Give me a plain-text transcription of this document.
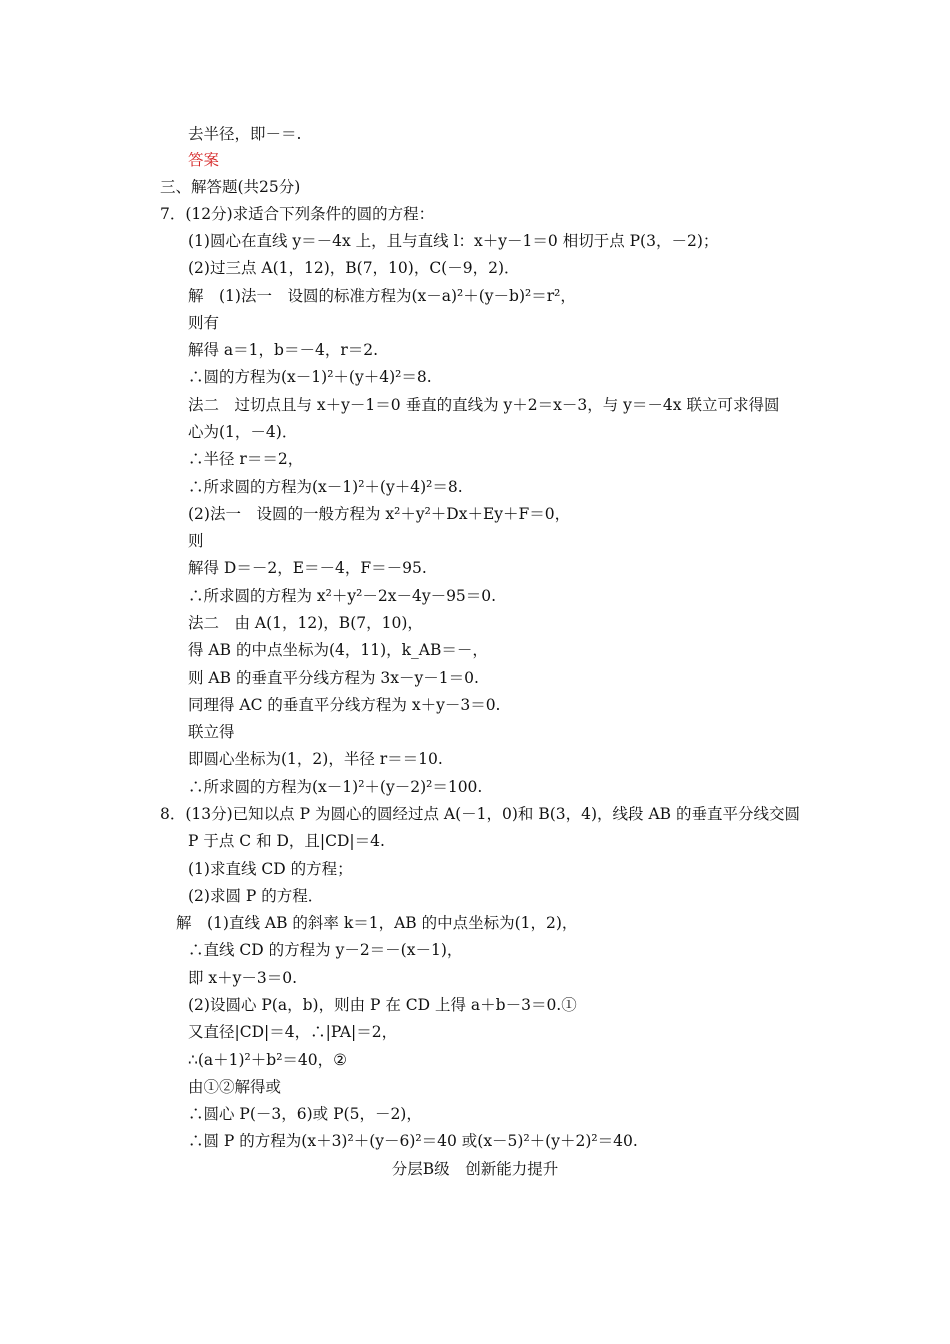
去半径，即－＝.
答案
三、解答题(共25分)
7．(12分)求适合下列条件的圆的方程：
(1)圆心在直线 y＝－4x 上，且与直线 l：x＋y－1＝0 相切于点 P(3，－2)；
(2)过三点 A(1，12)，B(7，10)，C(－9，2)．
解　(1)法一　设圆的标准方程为(x－a)²＋(y－b)²＝r²，
则有
解得 a＝1，b＝－4，r＝2.
∴圆的方程为(x－1)²＋(y＋4)²＝8.
法二　过切点且与 x＋y－1＝0 垂直的直线为 y＋2＝x－3，与 y＝－4x 联立可求得圆
心为(1，－4)．
∴半径 r＝＝2，
∴所求圆的方程为(x－1)²＋(y＋4)²＝8.
(2)法一　设圆的一般方程为 x²＋y²＋Dx＋Ey＋F＝0，
则
解得 D＝－2，E＝－4，F＝－95.
∴所求圆的方程为 x²＋y²－2x－4y－95＝0.
法二　由 A(1，12)，B(7，10)，
得 AB 的中点坐标为(4，11)，k_AB＝－，
则 AB 的垂直平分线方程为 3x－y－1＝0.
同理得 AC 的垂直平分线方程为 x＋y－3＝0.
联立得
即圆心坐标为(1，2)，半径 r＝＝10.
∴所求圆的方程为(x－1)²＋(y－2)²＝100.
8．(13分)已知以点 P 为圆心的圆经过点 A(－1，0)和 B(3，4)，线段 AB 的垂直平分线交圆
P 于点 C 和 D，且|CD|＝4.
(1)求直线 CD 的方程；
(2)求圆 P 的方程．
解　(1)直线 AB 的斜率 k＝1，AB 的中点坐标为(1，2)，
∴直线 CD 的方程为 y－2＝－(x－1)，
即 x＋y－3＝0.
(2)设圆心 P(a，b)，则由 P 在 CD 上得 a＋b－3＝0.①
又直径|CD|＝4，∴|PA|＝2，
∴(a＋1)²＋b²＝40，②
由①②解得或
∴圆心 P(－3，6)或 P(5，－2)，
∴圆 P 的方程为(x＋3)²＋(y－6)²＝40 或(x－5)²＋(y＋2)²＝40.
分层B级　创新能力提升
